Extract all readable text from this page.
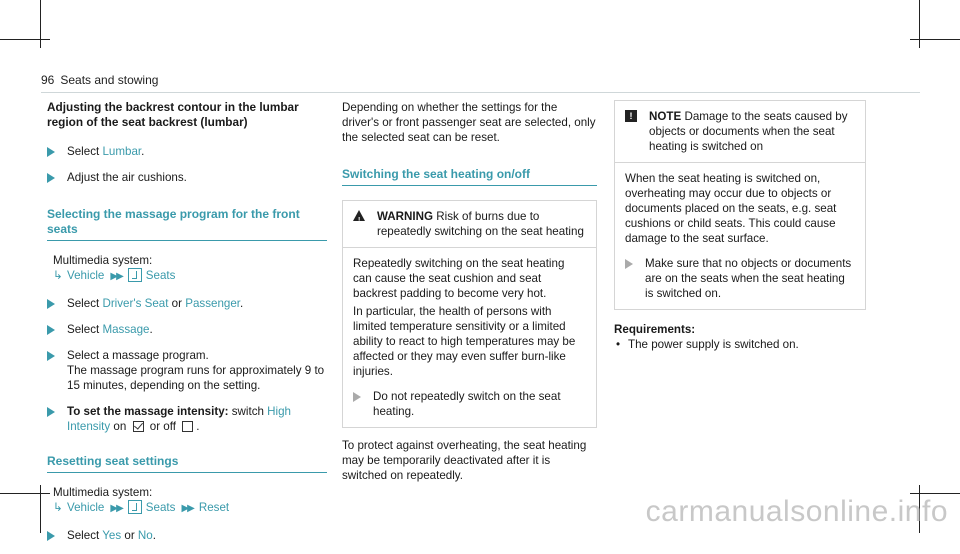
96 Seats and stowing

Adjusting the backrest contour in the lumbar region of the seat backrest (lumbar)

Select Lumbar.
Adjust the air cushions.

Selecting the massage program for the front seats

Multimedia system:

↳ Vehicle ▶▶ Seats
Select Driver's Seat or Passenger.
Select Massage.

Select a massage program.

The massage program runs for approximately 9 to 15 minutes, depending on the setting.

To set the massage intensity: switch High Intensity on  or off .

Resetting seat settings

Multimedia system:

↳ Vehicle ▶▶ Seats ▶▶ Reset
Select Yes or No.

Depending on whether the settings for the driver's or front passenger seat are selected, only the selected seat can be reset.

Switching the seat heating on/off

! WARNING Risk of burns due to repeatedly switching on the seat heating

Repeatedly switching on the seat heating can cause the seat cushion and seat backrest padding to become very hot.

In particular, the health of persons with limited temperature sensitivity or a limited ability to react to high temperatures may be affected or they may even suffer burn-like injuries.

Do not repeatedly switch on the seat heating.

To protect against overheating, the seat heating may be temporarily deactivated after it is switched on repeatedly.

!	NOTE Damage to the seats caused by objects or documents when the seat heating is switched on

When the seat heating is switched on, overheating may occur due to objects or documents placed on the seats, e.g. seat cushions or child seats. This could cause damage to the seat surface.

Make sure that no objects or documents are on the seats when the seat heating is switched on.

Requirements:

• The power supply is switched on.

carmanualsonline.info
